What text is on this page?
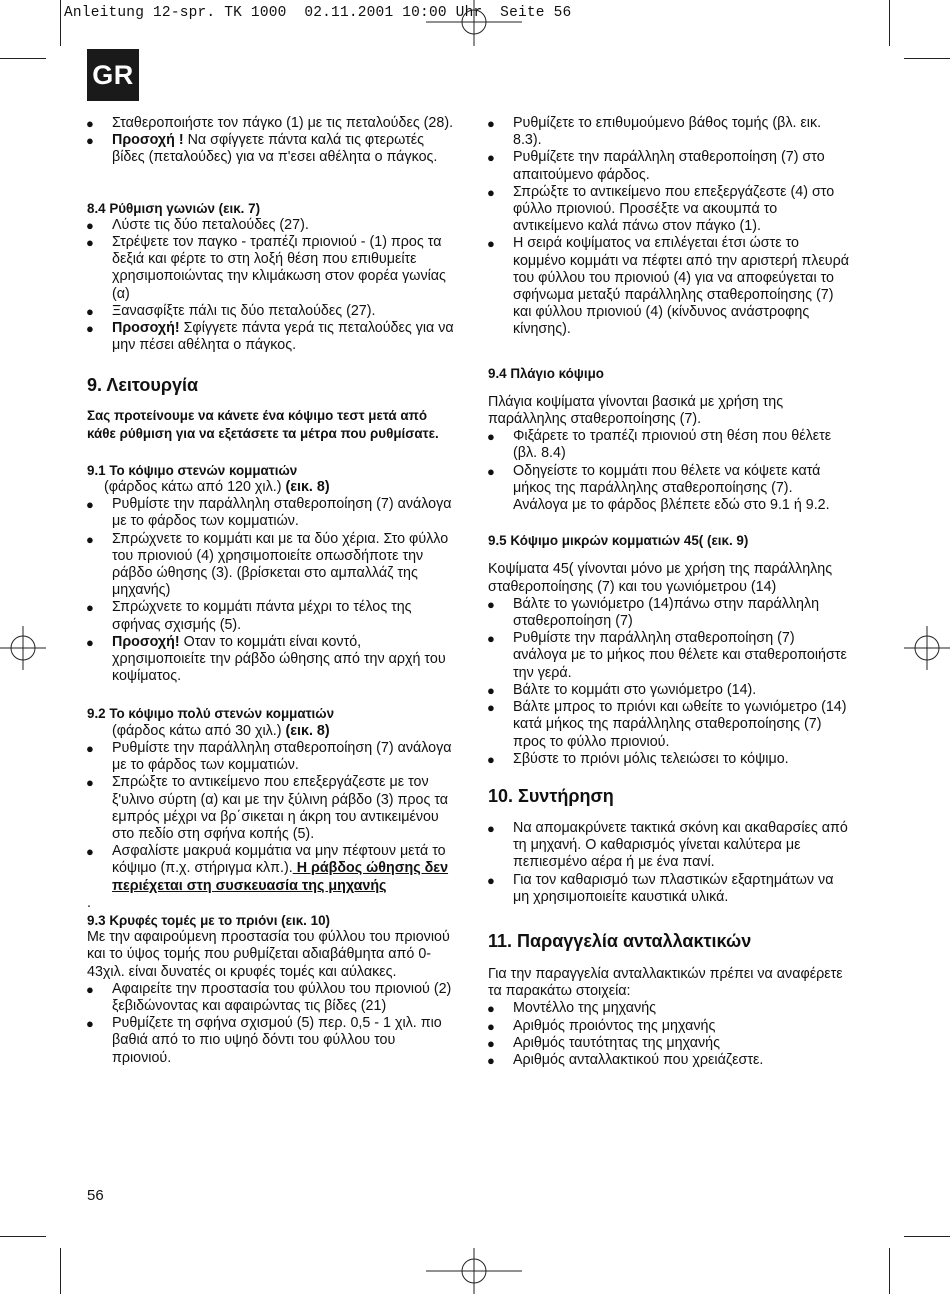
Anleitung 12-spr. TK 1000  02.11.2001 10:00 Uhr  Seite 56
GR

● Σταθεροποιήστε τον πάγκο (1) με τις πεταλούδες (28).

● Προσοχή ! Να σφίγγετε πάντα καλά τις φτερωτές βίδες (πεταλούδες) για να π'εσει αθέλητα ο πάγκος.

8.4 Ρύθμιση γωνιών (εικ. 7)

● Λύστε τις δύο πεταλούδες (27).

● Στρέψετε τον παγκο - τραπέζι πριονιού - (1) προς τα δεξιά και φέρτε το στη λοξή θέση που επιθυμείτε χρησιμοποιώντας την κλιμάκωση στον φορέα γωνίας (α)

● Ξανασφίξτε πάλι τις δύο πεταλούδες (27).

● Προσοχή! Σφίγγετε πάντα γερά τις πεταλούδες για να μην πέσει αθέλητα ο πάγκος.

9. Λειτουργία

Σας προτείνουμε να κάνετε ένα κόψιμο τεστ μετά από κάθε ρύθμιση για να εξετάσετε τα μέτρα που ρυθμίσατε.

9.1 Το κόψιμο στενών κομματιών

(φάρδος κάτω από 120 χιλ.) (εικ. 8)

● Ρυθμίστε την παράλληλη σταθεροποίηση (7) ανάλογα με το φάρδος των κομματιών.

● Σπρώχνετε το κομμάτι και με τα δύο χέρια. Στο φύλλο του πριονιού (4) χρησιμοποιείτε οπωσδήποτε την ράβδο ώθησης (3). (βρίσκεται στο αμπαλλάζ της μηχανής)

● Σπρώχνετε το κομμάτι πάντα μέχρι το τέλος της σφήνας σχισμής (5).

● Προσοχή! Οταν το κομμάτι είναι κοντό, χρησιμοποιείτε την ράβδο ώθησης από την αρχή του κοψίματος.

9.2 Το κόψιμο πολύ στενών κομματιών

(φάρδος κάτω από 30 χιλ.) (εικ. 8)

● Ρυθμίστε την παράλληλη σταθεροποίηση (7) ανάλογα με το φάρδος των κομματιών.

● Σπρώξτε το αντικείμενο που επεξεργάζεστε με τον ξ'υλινο σύρτη (α) και με την ξύλινη ράβδο (3) προς τα εμπρός μέχρι να βρ΄σικεται η άκρη του αντικειμένου στο πεδίο στη σφήνα κοπής (5).

● Ασφαλίστε μακρυά κομμάτια να μην πέφτουν μετά το κόψιμο (π.χ. στήριγμα κλπ.). Η ράβδος ώθησης δεν περιέχεται στη συσκευασία της μηχανής

.

9.3 Κρυφές τομές με το πριόνι (εικ. 10)

Με την αφαιρούμενη προστασία του φύλλου του πριονιού και το ύψος τομής που ρυθμίζεται αδιαβάθμητα από 0-43χιλ. είναι δυνατές οι κρυφές τομές και αύλακες.

● Αφαιρείτε την προστασία του φύλλου του πριονιού (2) ξεβιδώνοντας και αφαιρώντας τις βίδες (21)

● Ρυθμίζετε τη σφήνα σχισμού (5) περ. 0,5 - 1 χιλ. πιο βαθιά από το πιο υψηό δόντι του φύλλου του πριονιού.

● Ρυθμίζετε το επιθυμούμενο βάθος τομής (βλ. εικ. 8.3).

● Ρυθμίζετε την παράλληλη σταθεροποίηση (7) στο απαιτούμενο φάρδος.

● Σπρώξτε το αντικείμενο που επεξεργάζεστε (4) στο φύλλο πριονιού. Προσέξτε να ακουμπά το αντικείμενο καλά πάνω στον πάγκο (1).

● Η σειρά κοψίματος να επιλέγεται έτσι ώστε το κομμένο κομμάτι να πέφτει από την αριστερή πλευρά του φύλλου του πριονιού (4) για να αποφεύγεται το σφήνωμα μεταξύ παράλληλης σταθεροποίησης (7) και φύλλου πριονιού (4) (κίνδυνος ανάστροφης κίνησης).

9.4 Πλάγιο κόψιμο

Πλάγια κοψίματα γίνονται βασικά με χρήση της παράλληλης σταθεροποίησης (7).

● Φιξάρετε το τραπέζι πριονιού στη θέση που θέλετε (βλ. 8.4)

● Οδηγείστε το κομμάτι που θέλετε να κόψετε κατά μήκος της παράλληλης σταθεροποίησης (7). Ανάλογα με το φάρδος βλέπετε εδώ στο 9.1 ή 9.2.

9.5 Κόψιμο μικρών κομματιών 45( (εικ. 9)

Κοψίματα 45( γίνονται μόνο με χρήση της παράλληλης σταθεροποίησης (7) και του γωνιόμετρου (14)

● Βάλτε το γωνιόμετρο (14)πάνω στην παράλληλη σταθεροποίηση (7)

● Ρυθμίστε την παράλληλη σταθεροποίηση (7) ανάλογα με το μήκος που θέλετε και σταθεροποιήστε την γερά.

● Βάλτε το κομμάτι στο γωνιόμετρο (14).

● Βάλτε μπρος το πριόνι και ωθείτε το γωνιόμετρο (14) κατά μήκος της παράλληλης σταθεροποίησης (7) προς το φύλλο πριονιού.

● Σβύστε το πριόνι μόλις τελειώσει το κόψιμο.

10. Συντήρηση

● Να απομακρύνετε τακτικά σκόνη και ακαθαρσίες από τη μηχανή. Ο καθαρισμός γίνεται καλύτερα με πεπιεσμένο αέρα ή με ένα πανί.

● Για τον καθαρισμό των πλαστικών εξαρτημάτων να μη χρησιμοποιείτε καυστικά υλικά.

11. Παραγγελία ανταλλακτικών

Για την παραγγελία ανταλλακτικών πρέπει να αναφέρετε τα παρακάτω στοιχεία:

● Μοντέλλο της μηχανής

● Αριθμός προιόντος της μηχανής

● Αριθμός ταυτότητας της μηχανής

● Αριθμός ανταλλακτικού που χρειάζεστε.

56
